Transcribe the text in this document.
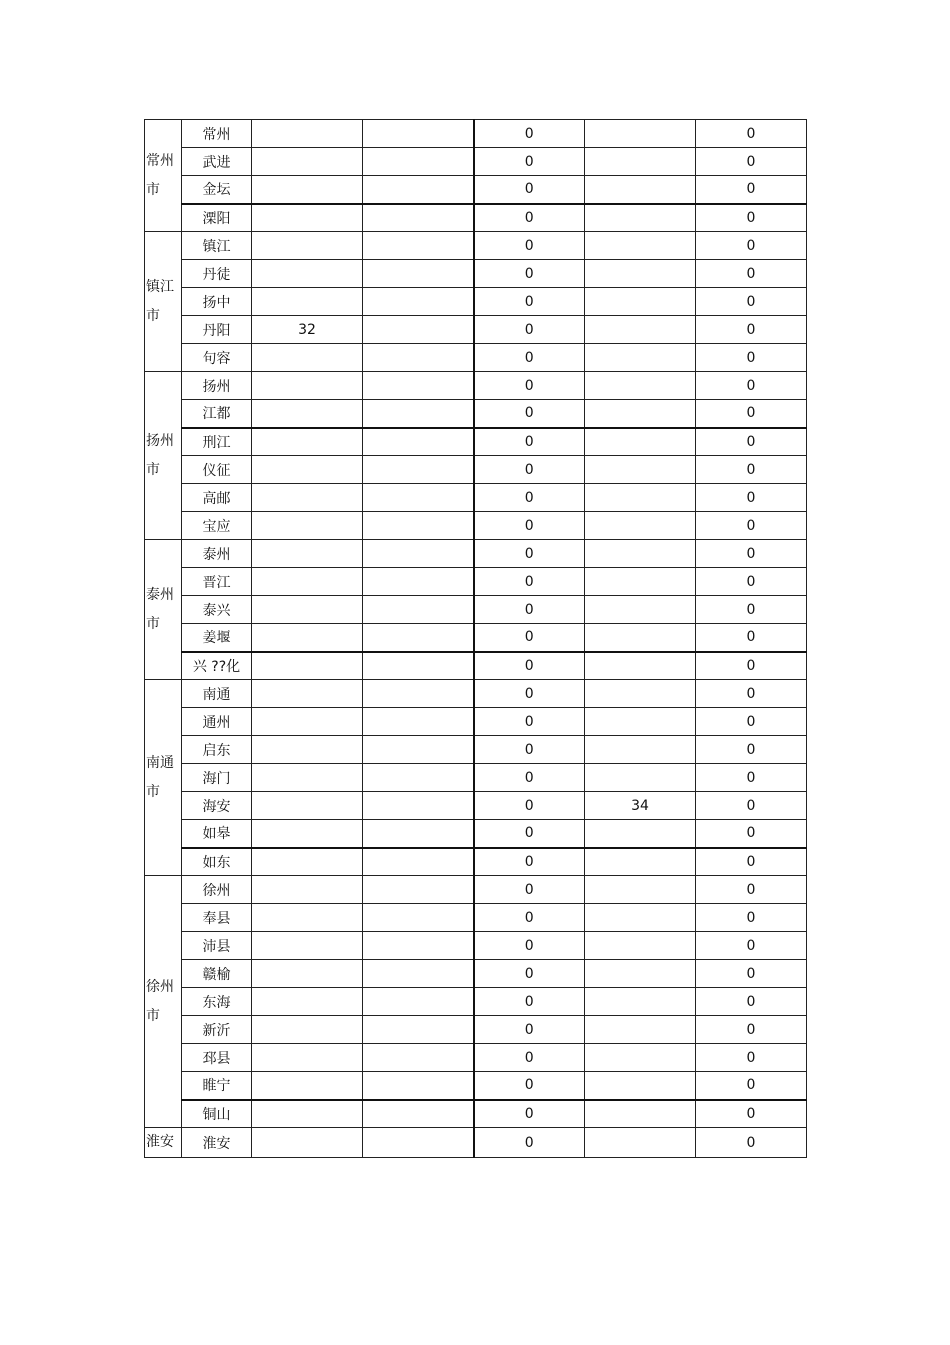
常州市	常州			0		0
	武进			0		0
	金坛			0		0
	溧阳			0		0
镇江市	镇江			0		0
	丹徒			0		0
	扬中			0		0
	丹阳	32		0		0
	句容			0		0
扬州市	扬州			0		0
	江都			0		0
	刑江			0		0
	仪征			0		0
	高邮			0		0
	宝应			0		0
泰州市	泰州			0		0
	晋江			0		0
	泰兴			0		0
	姜堰			0		0
	兴 ??化			0		0
南通市	南通			0		0
	通州			0		0
	启东			0		0
	海门			0		0
	海安			0	34	0
	如皋			0		0
	如东			0		0
徐州市	徐州			0		0
	奉县			0		0
	沛县			0		0
	赣榆			0		0
	东海			0		0
	新沂			0		0
	邳县			0		0
	睢宁			0		0
	铜山			0		0
淮安	淮安			0		0
